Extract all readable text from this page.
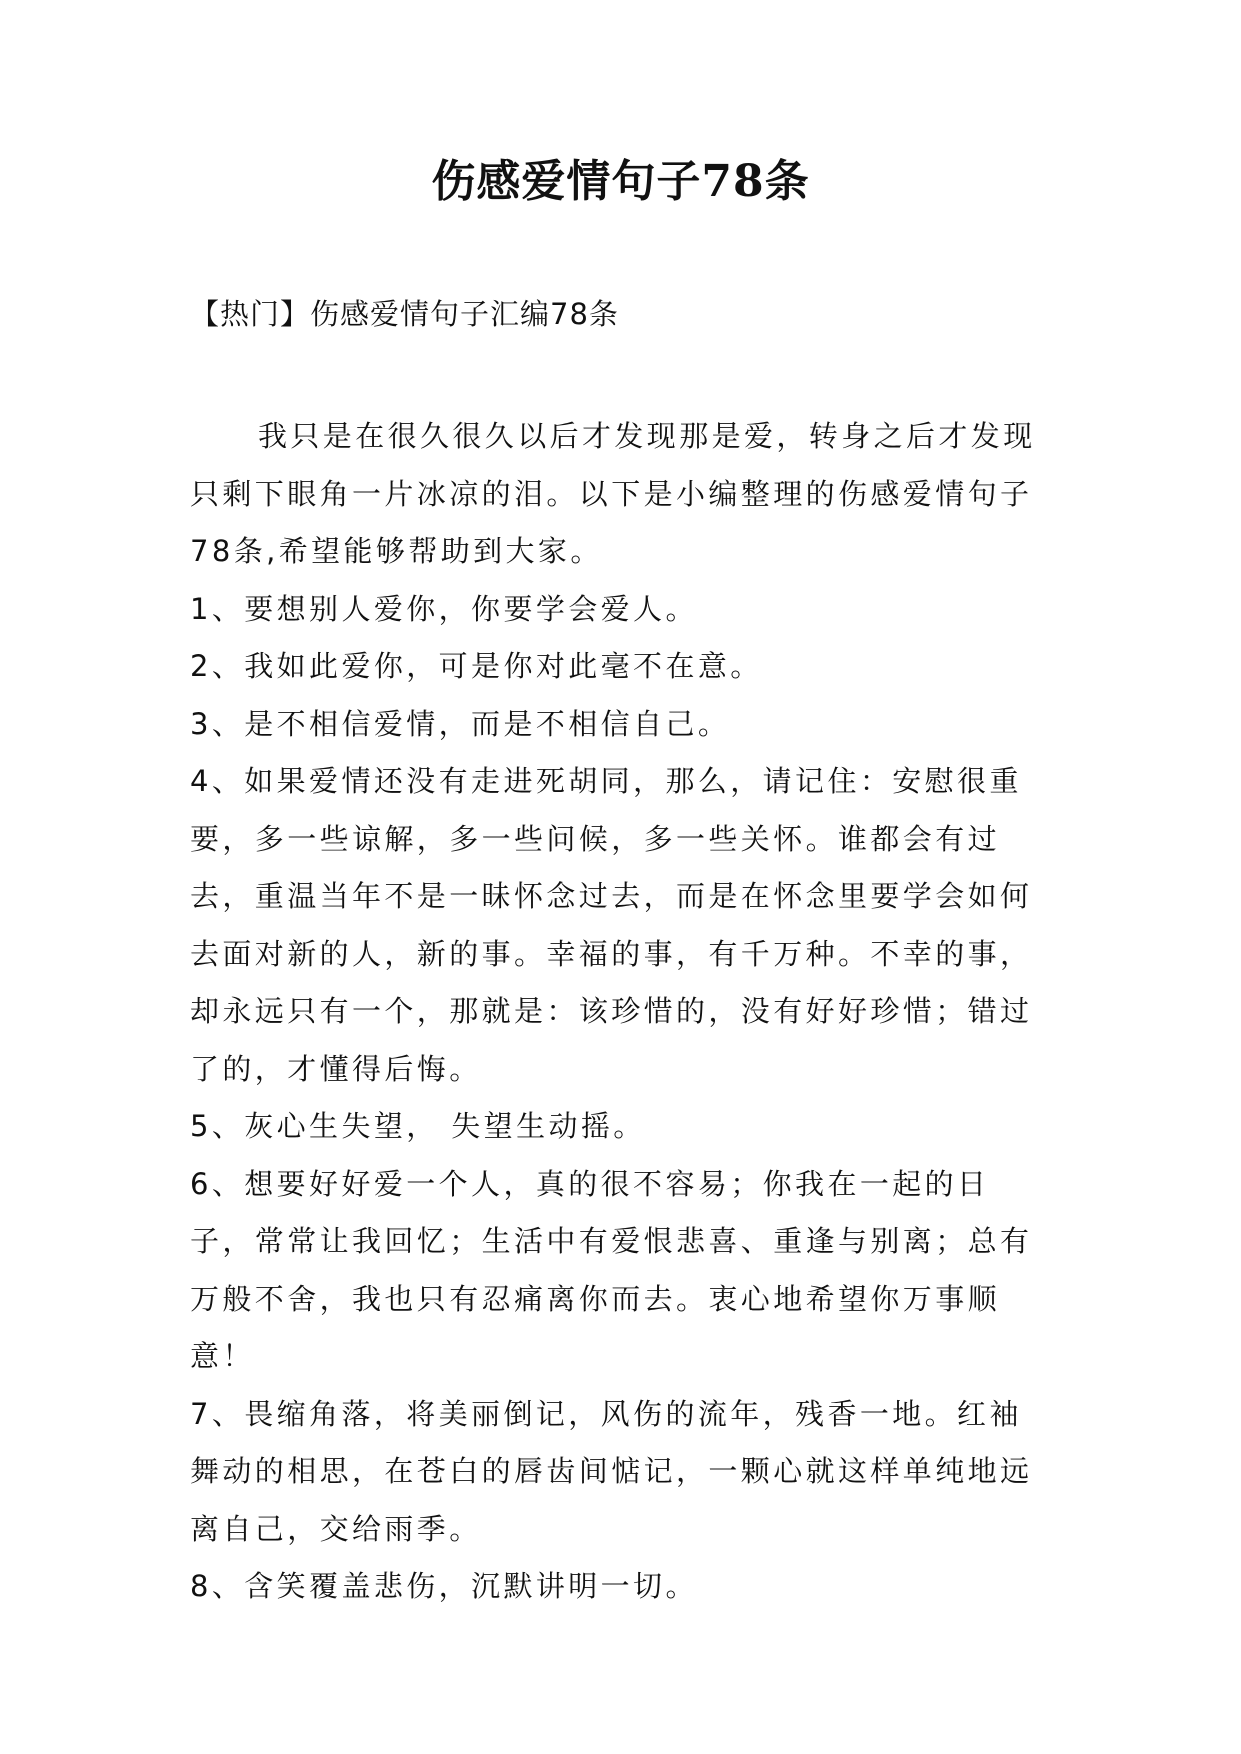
伤感爱情句子78条

【热门】伤感爱情句子汇编78条

我只是在很久很久以后才发现那是爱，转身之后才发现只剩下眼角一片冰凉的泪。以下是小编整理的伤感爱情句子78条,希望能够帮助到大家。

1、要想别人爱你，你要学会爱人。

2、我如此爱你，可是你对此毫不在意。

3、是不相信爱情，而是不相信自己。

4、如果爱情还没有走进死胡同，那么，请记住：安慰很重要，多一些谅解，多一些问候，多一些关怀。谁都会有过去，重温当年不是一昧怀念过去，而是在怀念里要学会如何去面对新的人，新的事。幸福的事，有千万种。不幸的事，却永远只有一个，那就是：该珍惜的，没有好好珍惜；错过了的，才懂得后悔。

5、灰心生失望， 失望生动摇。

6、想要好好爱一个人，真的很不容易；你我在一起的日子，常常让我回忆；生活中有爱恨悲喜、重逢与别离；总有万般不舍，我也只有忍痛离你而去。衷心地希望你万事顺意！

7、畏缩角落，将美丽倒记，风伤的流年，残香一地。红袖舞动的相思，在苍白的唇齿间惦记，一颗心就这样单纯地远离自己，交给雨季。

8、含笑覆盖悲伤，沉默讲明一切。
